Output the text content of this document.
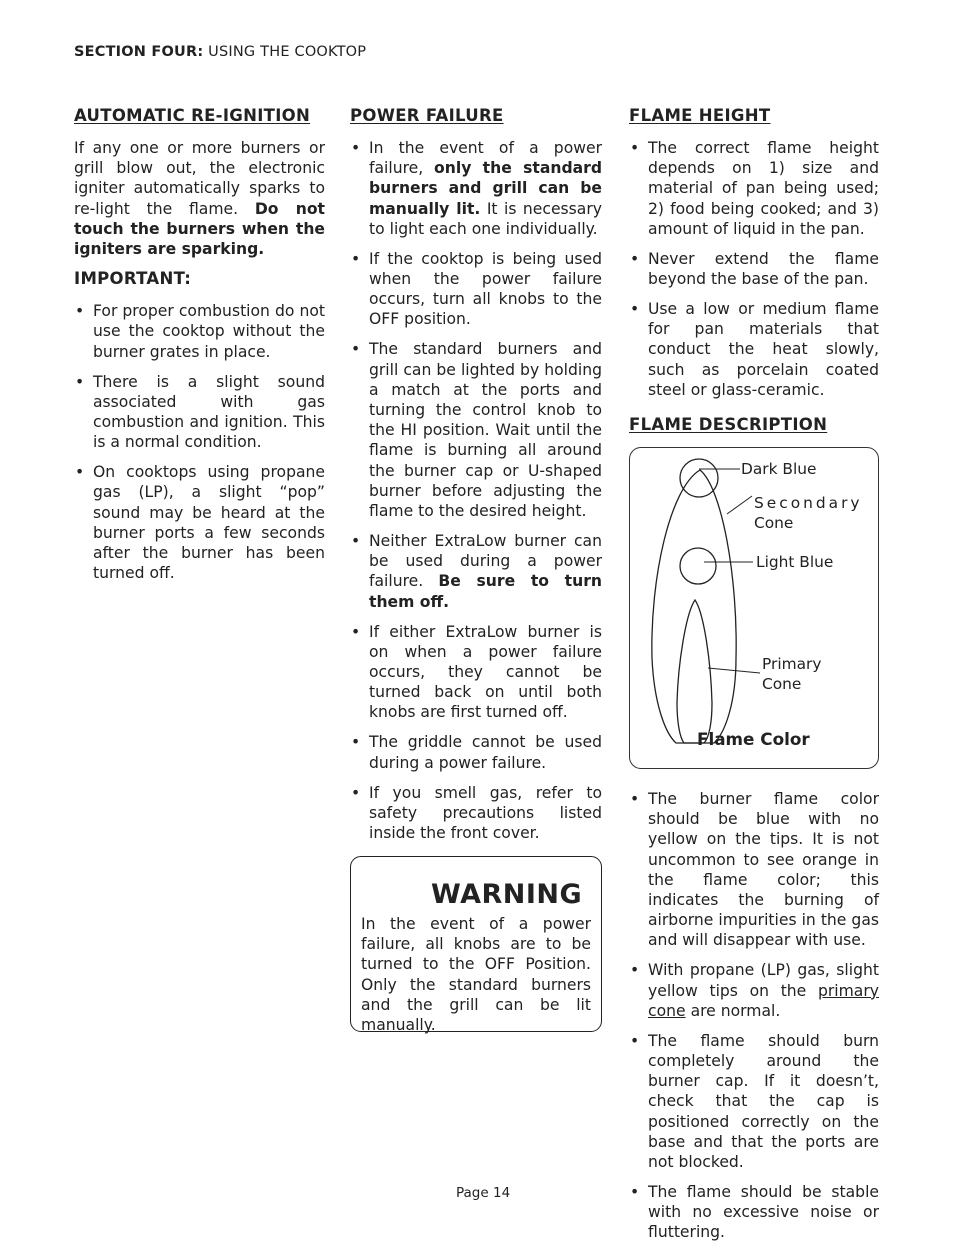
SECTION FOUR: USING THE COOKTOP
AUTOMATIC RE-IGNITION

If any one or more burners or grill blow out, the electronic igniter automatically sparks to re-light the flame. Do not touch the burners when the igniters are sparking.

IMPORTANT:
• For proper combustion do not use the cooktop without the burner grates in place.
• There is a slight sound associated with gas combustion and ignition. This is a normal condition.
• On cooktops using propane gas (LP), a slight “pop” sound may be heard at the burner ports a few seconds after the burner has been turned off.
POWER FAILURE
• In the event of a power failure, only the standard burners and grill can be manually lit. It is necessary to light each one individually.
• If the cooktop is being used when the power failure occurs, turn all knobs to the OFF position.
• The standard burners and grill can be lighted by holding a match at the ports and turning the control knob to the HI position. Wait until the flame is burning all around the burner cap or U-shaped burner before adjusting the flame to the desired height.
• Neither ExtraLow burner can be used during a power failure. Be sure to turn them off.
• If either ExtraLow burner is on when a power failure occurs, they cannot be turned back on until both knobs are first turned off.
• The griddle cannot be used during a power failure.
• If you smell gas, refer to safety precautions listed inside the front cover.
WARNING

In the event of a power failure, all knobs are to be turned to the OFF Position. Only the standard burners and the grill can be lit manually.

FLAME HEIGHT
• The correct flame height depends on 1) size and material of pan being used; 2) food being cooked; and 3) amount of liquid in the pan.
• Never extend the flame beyond the base of the pan.
• Use a low or medium flame for pan materials that conduct the heat slowly, such as porcelain coated steel or glass-ceramic.
FLAME DESCRIPTION
Dark Blue
Secondary
Cone
Light Blue
Primary
Cone
Flame Color
• The burner flame color should be blue with no yellow on the tips. It is not uncommon to see orange in the flame color; this indicates the burning of airborne impurities in the gas and will disappear with use.
• With propane (LP) gas, slight yellow tips on the primary cone are normal.
• The flame should burn completely around the burner cap. If it doesn’t, check that the cap is positioned correctly on the base and that the ports are not blocked.
• The flame should be stable with no excessive noise or fluttering.
Page 14
